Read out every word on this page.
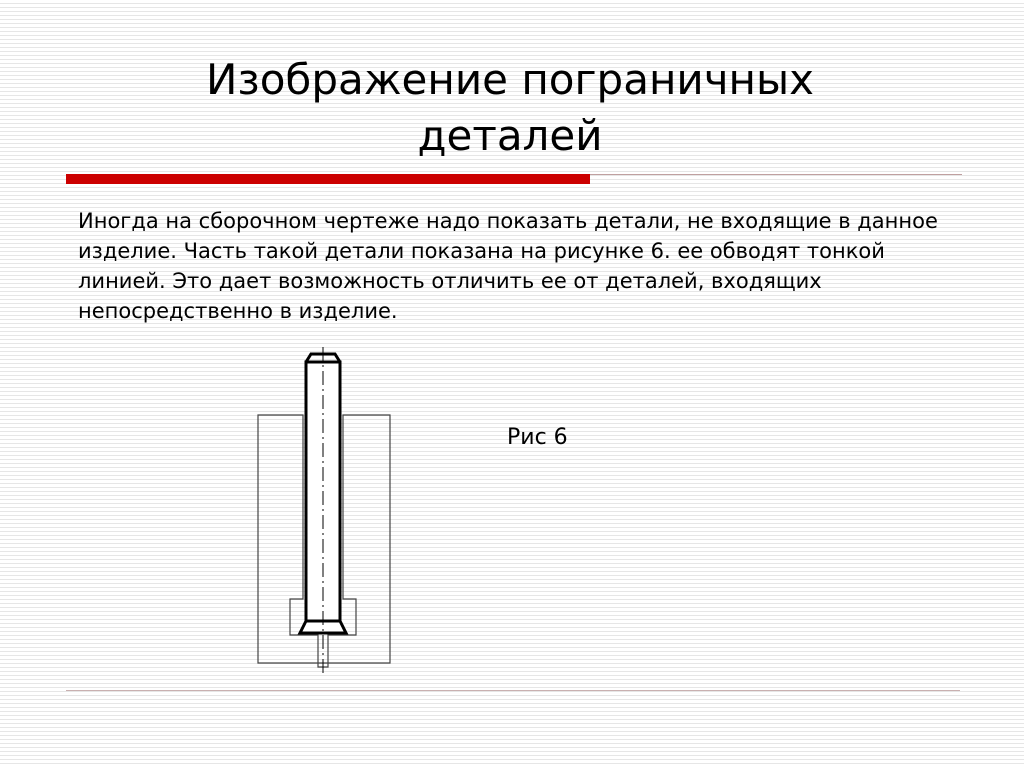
Изображение пограничных
деталей

Иногда на сборочном чертеже надо показать детали, не входящие в данное изделие. Часть такой детали показана на рисунке 6. ее обводят тонкой линией. Это дает возможность отличить ее от деталей, входящих непосредственно в изделие.

Рис 6
